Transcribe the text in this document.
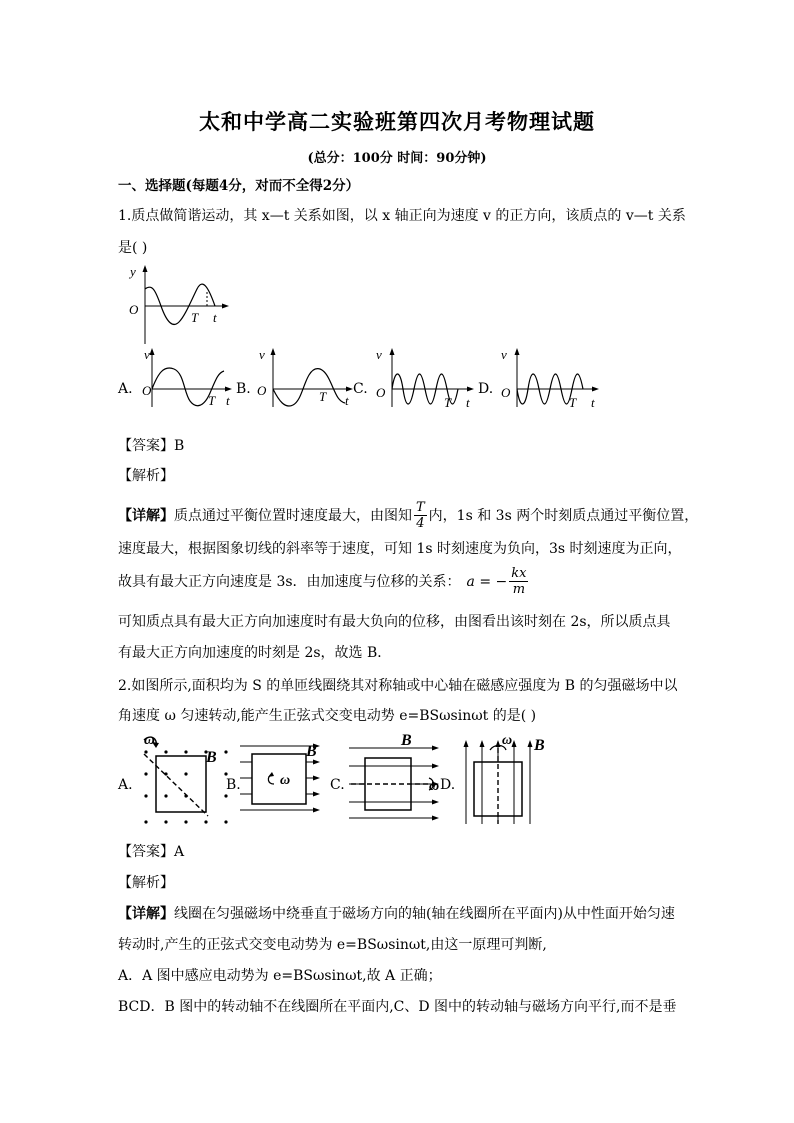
太和中学高二实验班第四次月考物理试题
(总分：100分 时间：90分钟)
一、选择题(每题4分，对而不全得2分）
1.质点做简谐运动，其 x—t 关系如图，以 x 轴正向为速度 v 的正方向，该质点的 v—t 关系
是( )
y
O
T t
A.
v
O
T t
B.
v
O	T t
C.
v
O
T t
D.
v
O
T t
【答案】B
【解析】
【详解】 质点通过平衡位置时速度最大，由图知 $\frac{T}{4}$ 内，1s 和 3s 两个时刻质点通过平衡位置，
速度最大，根据图象切线的斜率等于速度，可知 1s 时刻速度为负向，3s 时刻速度为正向，
故具有最大正方向速度是 3s．由加速度与位移的关系： a = − $\frac{kx}{m}$
可知质点具有最大正方向加速度时有最大负向的位移，由图看出该时刻在 2s，所以质点具
有最大正方向加速度的时刻是 2s，故选 B．
2.如图所示,面积均为 S 的单匝线圈绕其对称轴或中心轴在磁感应强度为 B 的匀强磁场中以
角速度 ω 匀速转动,能产生正弦式交变电动势 e=BSωsinωt 的是( )
A.
ω
B
B.	ω
B
C.	ω
B
D.
ω B
【答案】A
【解析】
【详解】线圈在匀强磁场中绕垂直于磁场方向的轴(轴在线圈所在平面内)从中性面开始匀速
转动时,产生的正弦式交变电动势为 e=BSωsinωt,由这一原理可判断,
A．A 图中感应电动势为 e=BSωsinωt,故 A 正确；
BCD．B 图中的转动轴不在线圈所在平面内,C、D 图中的转动轴与磁场方向平行,而不是垂
